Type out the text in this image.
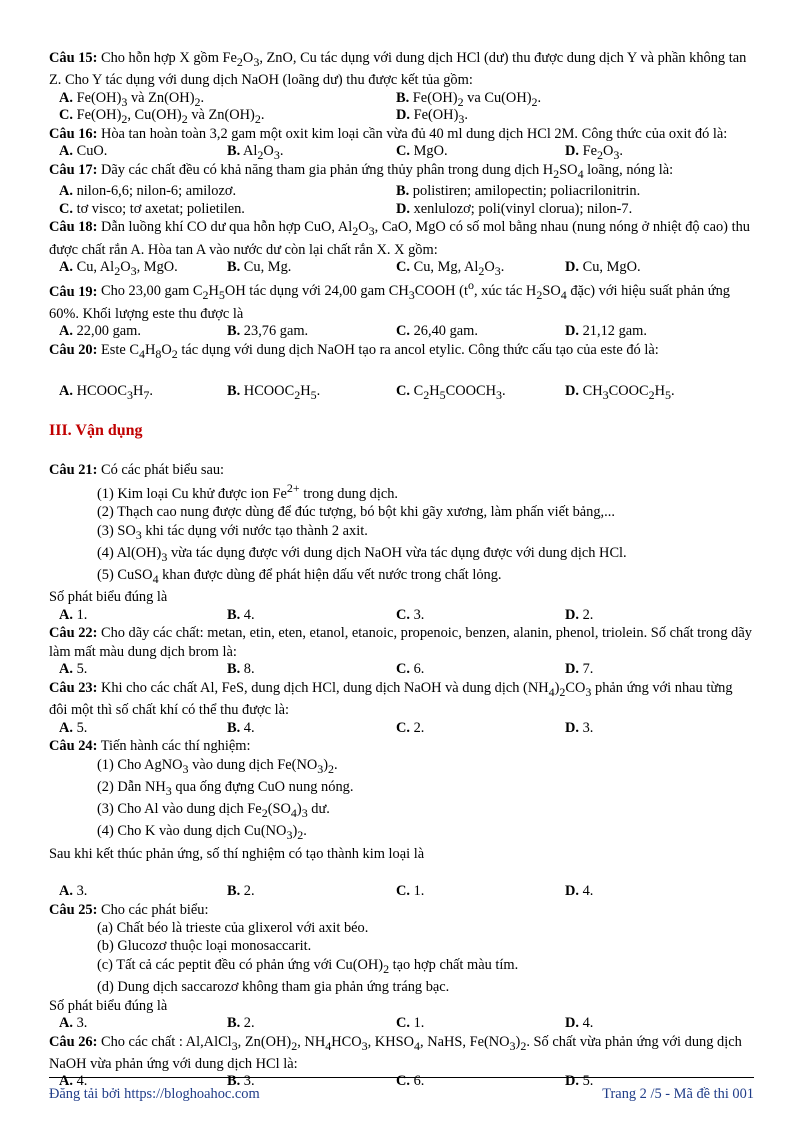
Câu 15: Cho hỗn hợp X gồm $Fe_2O_3$, ZnO, Cu tác dụng với dung dịch HCl (dư) thu được dung dịch Y và phần không tan Z. Cho Y tác dụng với dung dịch NaOH (loãng dư) thu được kết tủa gồm:
A. $Fe(OH)_3$ và $Zn(OH)_2$.	B. $Fe(OH)_2$ va $Cu(OH)_2$.
C. $Fe(OH)_2$, $Cu(OH)_2$ và $Zn(OH)_2$.	D. $Fe(OH)_3$.
Câu 16: Hòa tan hoàn toàn 3,2 gam một oxit kim loại cần vừa đủ 40 ml dung dịch HCl 2M. Công thức của oxit đó là:
A. CuO.	B. $Al_2O_3$.	C. MgO.	D. $Fe_2O_3$.
Câu 17: Dãy các chất đều có khả năng tham gia phản ứng thủy phân trong dung dịch $H_2SO_4$ loãng, nóng là:
A. nilon-6,6; nilon-6; amilozơ.	B. polistiren; amilopectin; poliacrilonitrin.
C. tơ visco; tơ axetat; polietilen.	D. xenlulozơ; poli(vinyl clorua); nilon-7.
Câu 18: Dẫn luồng khí CO dư qua hỗn hợp CuO, $Al_2O_3$, CaO, MgO có số mol bằng nhau (nung nóng ở nhiệt độ cao) thu được chất rắn A. Hòa tan A vào nước dư còn lại chất rắn X. X gồm:
A. Cu, $Al_2O_3$, MgO.	B. Cu, Mg.	C. Cu, Mg, $Al_2O_3$.	D. Cu, MgO.
Câu 19: Cho 23,00 gam $C_2H_5OH$ tác dụng với 24,00 gam $CH_3COOH$ ($t^o$, xúc tác $H_2SO_4$ đặc) với hiệu suất phản ứng 60%. Khối lượng este thu được là
A. 22,00 gam.	B. 23,76 gam.	C. 26,40 gam.	D. 21,12 gam.
Câu 20: Este $C_4H_8O_2$ tác dụng với dung dịch NaOH tạo ra ancol etylic. Công thức cấu tạo của este đó là:
A. $HCOOC_3H_7$.	B. $HCOOC_2H_5$.	C. $C_2H_5COOCH_3$.	D. $CH_3COOC_2H_5$.
III. Vận dụng
Câu 21: Có các phát biểu sau:
(1) Kim loại Cu khử được ion $Fe^{2+}$ trong dung dịch.
(2) Thạch cao nung được dùng để đúc tượng, bó bột khi gãy xương, làm phấn viết bảng,...
(3) $SO_3$ khi tác dụng với nước tạo thành 2 axit.
(4) $Al(OH)_3$ vừa tác dụng được với dung dịch NaOH vừa tác dụng được với dung dịch HCl.
(5) CuSO$_4$ khan được dùng để phát hiện dấu vết nước trong chất lỏng.
Số phát biểu đúng là
A. 1.	B. 4.	C. 3.	D. 2.
Câu 22: Cho dãy các chất: metan, etin, eten, etanol, etanoic, propenoic, benzen, alanin, phenol, triolein. Số chất trong dãy làm mất màu dung dịch brom là:
A. 5.	B. 8.	C. 6.	D. 7.
Câu 23: Khi cho các chất Al, FeS, dung dịch HCl, dung dịch NaOH và dung dịch $(NH_4)_2CO_3$ phản ứng với nhau từng đôi một thì số chất khí có thể thu được là:
A. 5.	B. 4.	C. 2.	D. 3.
Câu 24: Tiến hành các thí nghiệm:
(1) Cho AgNO$_3$ vào dung dịch $Fe(NO_3)_2$.
(2) Dẫn $NH_3$ qua ống đựng CuO nung nóng.
(3) Cho Al vào dung dịch $Fe_2(SO_4)_3$ dư.
(4) Cho K vào dung dịch $Cu(NO_3)_2$.
Sau khi kết thúc phản ứng, số thí nghiệm có tạo thành kim loại là
A. 3.	B. 2.	C. 1.	D. 4.
Câu 25: Cho các phát biểu:
(a) Chất béo là trieste của glixerol với axit béo.
(b) Glucozơ thuộc loại monosaccarit.
(c) Tất cả các peptit đều có phản ứng với $Cu(OH)_2$ tạo hợp chất màu tím.
(d) Dung dịch saccarozơ không tham gia phản ứng tráng bạc.
Số phát biểu đúng là
A. 3.	B. 2.	C. 1.	D. 4.
Câu 26: Cho các chất : Al,AlCl$_3$, $Zn(OH)_2$, $NH_4HCO_3$, $KHSO_4$, NaHS, $Fe(NO_3)_2$. Số chất vừa phản ứng với dung dịch NaOH vừa phản ứng với dung dịch HCl là:
A. 4.	B. 3.	C. 6.	D. 5.
Đăng tải bởi https://bloghoahoc.com	Trang 2 /5 - Mã đề thi 001
